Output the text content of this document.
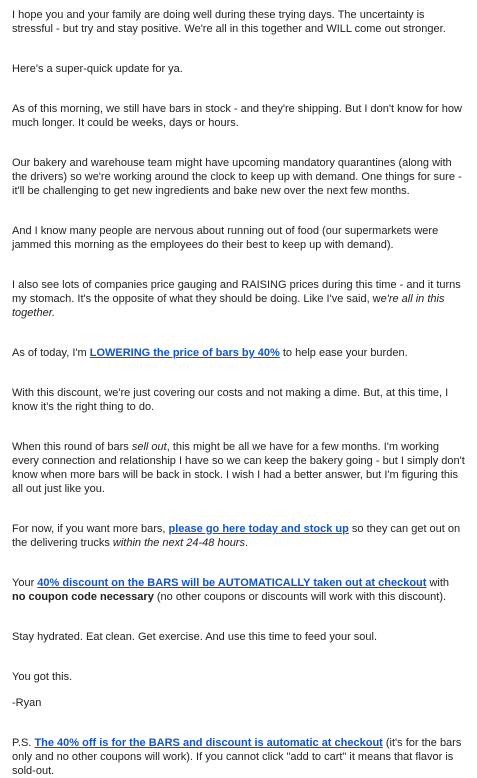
I hope you and your family are doing well during these trying days. The uncertainty is stressful - but try and stay positive. We're all in this together and WILL come out stronger.

Here's a super-quick update for ya.

As of this morning, we still have bars in stock - and they're shipping. But I don't know for how much longer. It could be weeks, days or hours.

Our bakery and warehouse team might have upcoming mandatory quarantines (along with the drivers) so we're working around the clock to keep up with demand. One things for sure - it'll be challenging to get new ingredients and bake new over the next few months.

And I know many people are nervous about running out of food (our supermarkets were jammed this morning as the employees do their best to keep up with demand).

I also see lots of companies price gauging and RAISING prices during this time - and it turns my stomach. It's the opposite of what they should be doing. Like I've said, we're all in this together.

As of today, I'm LOWERING the price of bars by 40% to help ease your burden.

With this discount, we're just covering our costs and not making a dime. But, at this time, I know it's the right thing to do.

When this round of bars sell out, this might be all we have for a few months. I'm working every connection and relationship I have so we can keep the bakery going - but I simply don't know when more bars will be back in stock. I wish I had a better answer, but I'm figuring this all out just like you.

For now, if you want more bars, please go here today and stock up so they can get out on the delivering trucks within the next 24-48 hours.

Your 40% discount on the BARS will be AUTOMATICALLY taken out at checkout with no coupon code necessary (no other coupons or discounts will work with this discount).

Stay hydrated. Eat clean. Get exercise. And use this time to feed your soul.

You got this.

-Ryan

P.S. The 40% off is for the BARS and discount is automatic at checkout (it's for the bars only and no other coupons will work). If you cannot click "add to cart" it means that flavor is sold-out.
